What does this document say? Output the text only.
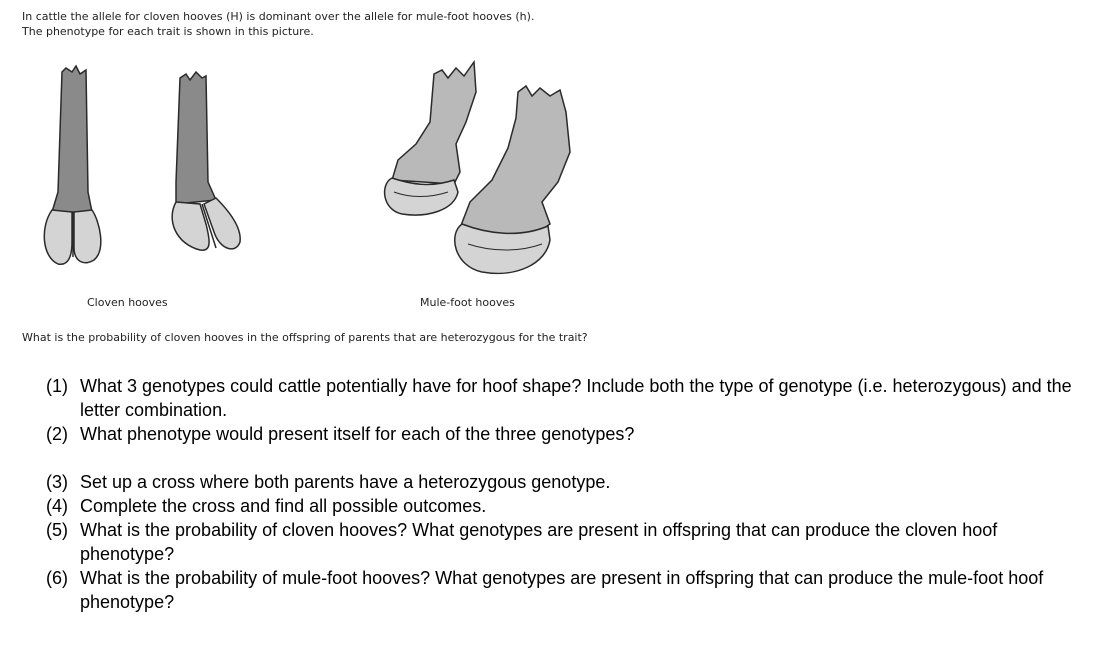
In cattle the allele for cloven hooves (H) is dominant over the allele for mule-foot hooves (h).

The phenotype for each trait is shown in this picture.

Cloven hooves	Mule-foot hooves
What is the probability of cloven hooves in the offspring of parents that are heterozygous for the trait?
(1) What 3 genotypes could cattle potentially have for hoof shape? Include both the type of genotype (i.e. heterozygous) and the letter combination.
(2) What phenotype would present itself for each of the three genotypes?
(3) Set up a cross where both parents have a heterozygous genotype.
(4) Complete the cross and find all possible outcomes.
(5) What is the probability of cloven hooves? What genotypes are present in offspring that can produce the cloven hoof phenotype?
(6) What is the probability of mule-foot hooves? What genotypes are present in offspring that can produce the mule-foot hoof phenotype?
